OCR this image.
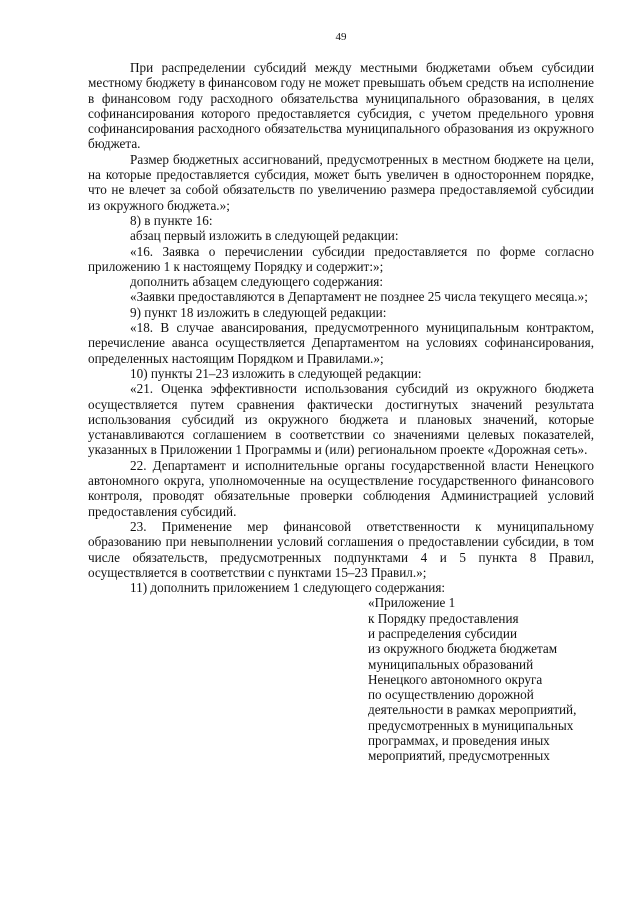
49

При распределении субсидий между местными бюджетами объем субсидии местному бюджету в финансовом году не может превышать объем средств на исполнение в финансовом году расходного обязательства муниципального образования, в целях софинансирования которого предоставляется субсидия, с учетом предельного уровня софинансирования расходного обязательства муниципального образования из окружного бюджета.

Размер бюджетных ассигнований, предусмотренных в местном бюджете на цели, на которые предоставляется субсидия, может быть увеличен в одностороннем порядке, что не влечет за собой обязательств по увеличению размера предоставляемой субсидии из окружного бюджета.»;

8) в пункте 16:

абзац первый изложить в следующей редакции:

«16. Заявка о перечислении субсидии предоставляется по форме согласно приложению 1 к настоящему Порядку и содержит:»;

дополнить абзацем следующего содержания:

«Заявки предоставляются в Департамент не позднее 25 числа текущего месяца.»;

9) пункт 18 изложить в следующей редакции:

«18. В случае авансирования, предусмотренного муниципальным контрактом, перечисление аванса осуществляется Департаментом на условиях софинансирования, определенных настоящим Порядком и Правилами.»;

10) пункты 21–23 изложить в следующей редакции:

«21. Оценка эффективности использования субсидий из окружного бюджета осуществляется путем сравнения фактически достигнутых значений результата использования субсидий из окружного бюджета и плановых значений, которые устанавливаются соглашением в соответствии со значениями целевых показателей, указанных в Приложении 1 Программы и (или) региональном проекте «Дорожная сеть».

22. Департамент и исполнительные органы государственной власти Ненецкого автономного округа, уполномоченные на осуществление государственного финансового контроля, проводят обязательные проверки соблюдения Администрацией условий предоставления субсидий.

23. Применение мер финансовой ответственности к муниципальному образованию при невыполнении условий соглашения о предоставлении субсидии, в том числе обязательств, предусмотренных подпунктами 4 и 5 пункта 8 Правил, осуществляется в соответствии с пунктами 15–23 Правил.»;

11) дополнить приложением 1 следующего содержания:

«Приложение 1
к Порядку предоставления
и распределения субсидии
из окружного бюджета бюджетам
муниципальных образований
Ненецкого автономного округа
по осуществлению дорожной
деятельности в рамках мероприятий,
предусмотренных в муниципальных
программах, и проведения иных
мероприятий, предусмотренных
